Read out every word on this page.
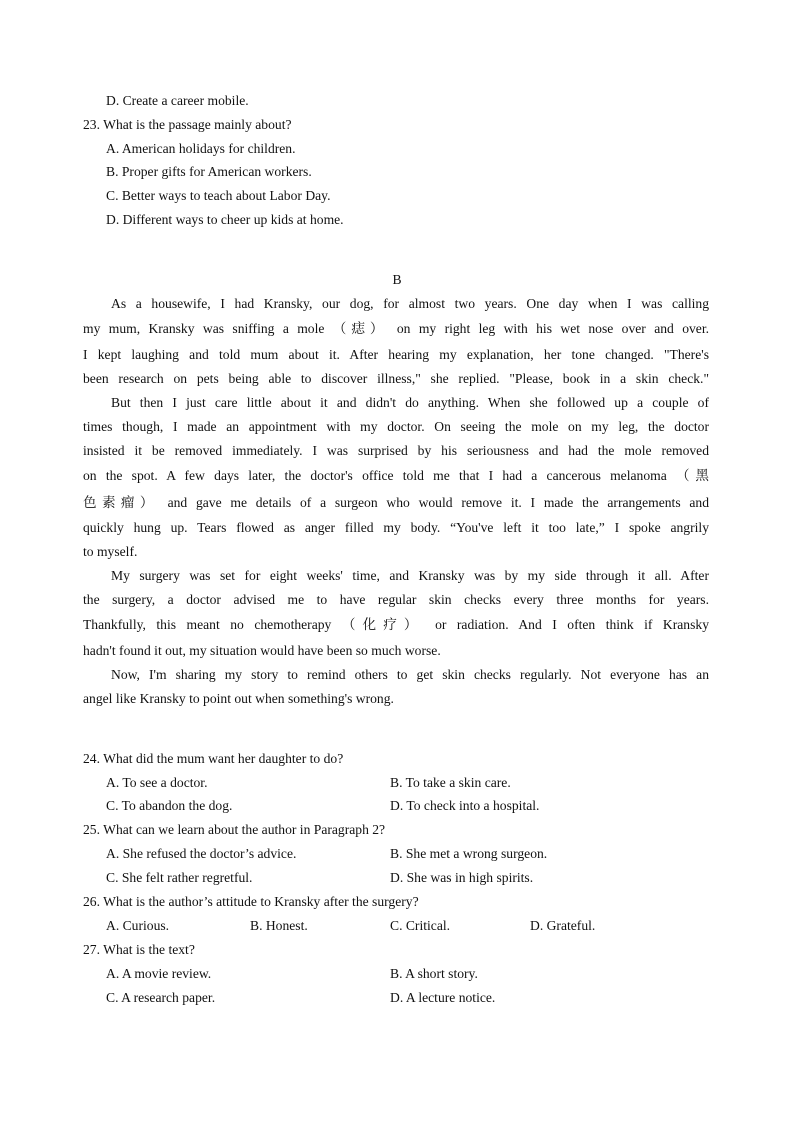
D. Create a career mobile.
23. What is the passage mainly about?
A. American holidays for children.
B. Proper gifts for American workers.
C. Better ways to teach about Labor Day.
D. Different ways to cheer up kids at home.
B
As a housewife, I had Kransky, our dog, for almost two years. One day when I was calling
my mum, Kransky was sniffing a mole （痣） on my right leg with his wet nose over and over.
I kept laughing and told mum about it. After hearing my explanation, her tone changed. "There's
been research on pets being able to discover illness," she replied. "Please, book in a skin check."
But then I just care little about it and didn't do anything. When she followed up a couple of
times though, I made an appointment with my doctor. On seeing the mole on my leg, the doctor
insisted it be removed immediately. I was surprised by his seriousness and had the mole removed
on the spot. A few days later, the doctor's office told me that I had a cancerous melanoma （黑
色素瘤） and gave me details of a surgeon who would remove it. I made the arrangements and
quickly hung up. Tears flowed as anger filled my body. “You've left it too late,” I spoke angrily
to myself.
My surgery was set for eight weeks' time, and Kransky was by my side through it all. After
the surgery, a doctor advised me to have regular skin checks every three months for years.
Thankfully, this meant no chemotherapy （化疗） or radiation. And I often think if Kransky
hadn't found it out, my situation would have been so much worse.
Now, I'm sharing my story to remind others to get skin checks regularly. Not everyone has an
angel like Kransky to point out when something's wrong.
24. What did the mum want her daughter to do?
A. To see a doctor.	B. To take a skin care.
C. To abandon the dog.	D. To check into a hospital.
25. What can we learn about the author in Paragraph 2?
A. She refused the doctor’s advice.	B. She met a wrong surgeon.
C. She felt rather regretful.	D. She was in high spirits.
26. What is the author’s attitude to Kransky after the surgery?
A. Curious.	B. Honest.	C. Critical.	D. Grateful.
27. What is the text?
A. A movie review.	B. A short story.
C. A research paper.	D. A lecture notice.
